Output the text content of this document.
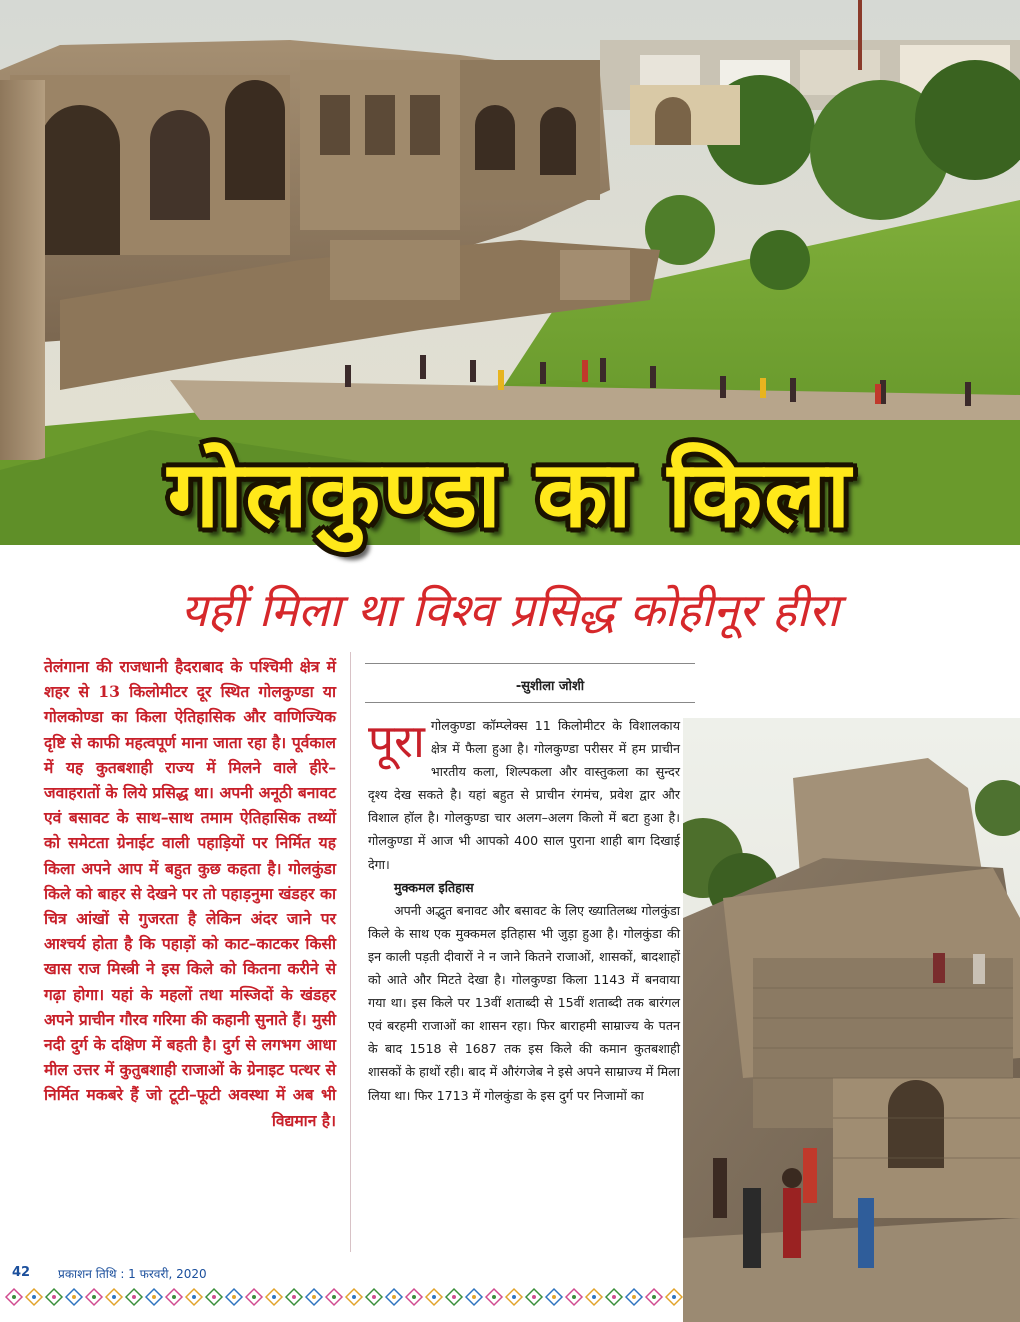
गोलकुण्डा का किला
यहीं मिला था विश्व प्रसिद्ध कोहीनूर हीरा

तेलंगाना की राजधानी हैदराबाद के पश्चिमी क्षेत्र में शहर से 13 किलोमीटर दूर स्थित गोलकुण्डा या गोलकोण्डा का किला ऐतिहासिक और वाणिज्यिक दृष्टि से काफी महत्वपूर्ण माना जाता रहा है। पूर्वकाल में यह कुतबशाही राज्य में मिलने वाले हीरे–जवाहरातों के लिये प्रसिद्ध था। अपनी अनूठी बनावट एवं बसावट के साथ–साथ तमाम ऐतिहासिक तथ्यों को समेटता ग्रेनाईट वाली पहाड़ियों पर निर्मित यह किला अपने आप में बहुत कुछ कहता है। गोलकुंडा किले को बाहर से देखने पर तो पहाड़नुमा खंडहर का चित्र आंखों से गुजरता है लेकिन अंदर जाने पर आश्चर्य होता है कि पहाड़ों को काट–काटकर किसी खास राज मिस्त्री ने इस किले को कितना करीने से गढ़ा होगा। यहां के महलों तथा मस्जिदों के खंडहर अपने प्राचीन गौरव गरिमा की कहानी सुनाते हैं। मुसी नदी दुर्ग के दक्षिण में बहती है। दुर्ग से लगभग आधा मील उत्तर में कुतुबशाही राजाओं के ग्रेनाइट पत्थर से निर्मित मकबरे हैं जो टूटी–फूटी अवस्था में अब भी विद्यमान है।

-सुशीला जोशी
पूरा गोलकुण्डा कॉम्प्लेक्स 11 किलोमीटर के विशालकाय क्षेत्र में फैला हुआ है। गोलकुण्डा परीसर में हम प्राचीन भारतीय कला, शिल्पकला और वास्तुकला का सुन्दर दृश्य देख सकते है। यहां बहुत से प्राचीन रंगमंच, प्रवेश द्वार और विशाल हॉल है। गोलकुण्डा चार अलग–अलग किलो में बटा हुआ है। गोलकुण्डा में आज भी आपको 400 साल पुराना शाही बाग दिखाई देगा।

मुक्कमल इतिहास

अपनी अद्भुत बनावट और बसावट के लिए ख्यातिलब्ध गोलकुंडा किले के साथ एक मुक्कमल इतिहास भी जुड़ा हुआ है। गोलकुंडा की इन काली पड़ती दीवारों ने न जाने कितने राजाओं, शासकों, बादशाहों को आते और मिटते देखा है। गोलकुण्डा किला 1143 में बनवाया गया था। इस किले पर 13वीं शताब्दी से 15वीं शताब्दी तक बारंगल एवं बरहमी राजाओं का शासन रहा। फिर बाराहमी साम्राज्य के पतन के बाद 1518 से 1687 तक इस किले की कमान कुतबशाही शासकों के हाथों रही। बाद में औरंगजेब ने इसे अपने साम्राज्य में मिला लिया था। फिर 1713 में गोलकुंडा के इस दुर्ग पर निजामों का

42 प्रकाशन तिथि : 1 फरवरी, 2020
